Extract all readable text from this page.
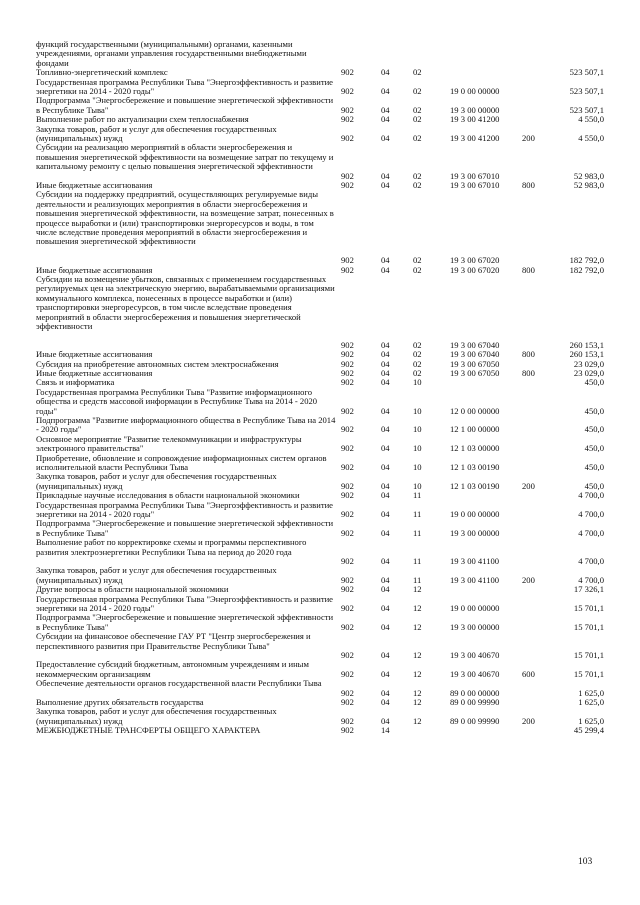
функций государственными (муниципальными) органами, казенными учреждениями, органами управления государственными внебюджетными фондами
Топливно-энергетический комплекс	902	04	02	523 507,1
Государственная программа Республики Тыва "Энергоэффективность и развитие энергетики на 2014 - 2020 годы"	902	04	02	19 0 00 00000	523 507,1
Подпрограмма "Энергосбережение и повышение энергетической эффективности в Республике Тыва"	902	04	02	19 3 00 00000	523 507,1
Выполнение работ по актуализации схем теплоснабжения	902	04	02	19 3 00 41200	4 550,0
Закупка товаров, работ и услуг для обеспечения государственных (муниципальных) нужд	902	04	02	19 3 00 41200	200	4 550,0
Субсидии на реализацию мероприятий в области энергосбережения и повышения энергетической эффективности на возмещение затрат по текущему и капитальному ремонту с целью повышения энергетической эффективности
902	04	02	19 3 00 67010	52 983,0
Иные бюджетные ассигнования	902	04	02	19 3 00 67010	800	52 983,0
Субсидии на поддержку предприятий, осуществляющих регулируемые виды деятельности и реализующих мероприятия в области энергосбережения и повышения энергетической эффективности, на возмещение затрат, понесенных в процессе выработки и (или) транспортировки энергоресурсов и воды, в том числе вследствие проведения мероприятий в области энергосбережения и повышения энергетической эффективности
902	04	02	19 3 00 67020	182 792,0
Иные бюджетные ассигнования	902	04	02	19 3 00 67020	800	182 792,0
Субсидии на возмещение убытков, связанных с применением государственных регулируемых цен на электрическую энергию, вырабатываемыми организациями коммунального комплекса, понесенных в процессе выработки и (или) транспортировки энергоресурсов, в том числе вследствие проведения мероприятий в области энергосбережения и повышения энергетической эффективности
902	04	02	19 3 00 67040	260 153,1
Иные бюджетные ассигнования	902	04	02	19 3 00 67040	800	260 153,1
Субсидия на приобретение автономных систем электроснабжения	902	04	02	19 3 00 67050	23 029,0
Иные бюджетные ассигнования	902	04	02	19 3 00 67050	800	23 029,0
Связь и информатика	902	04	10	450,0
Государственная программа Республики Тыва "Развитие информационного общества и средств массовой информации в Республике Тыва на 2014 - 2020 годы"	902	04	10	12 0 00 00000	450,0
Подпрограмма "Развитие информационного общества в Республике Тыва на 2014 - 2020 годы"	902	04	10	12 1 00 00000	450,0
Основное мероприятие "Развитие телекоммуникации и инфраструктуры электронного правительства"	902	04	10	12 1 03 00000	450,0
Приобретение, обновление и сопровождение информационных систем органов исполнительной власти Республики Тыва	902	04	10	12 1 03 00190	450,0
Закупка товаров, работ и услуг для обеспечения государственных (муниципальных) нужд	902	04	10	12 1 03 00190	200	450,0
Прикладные научные исследования в области национальной экономики	902	04	11	4 700,0
Государственная программа Республики Тыва "Энергоэффективность и развитие энергетики на 2014 - 2020 годы"	902	04	11	19 0 00 00000	4 700,0
Подпрограмма "Энергосбережение и повышение энергетической эффективности в Республике Тыва"	902	04	11	19 3 00 00000	4 700,0
Выполнение работ по корректировке схемы и программы перспективного развития электроэнергетики Республики Тыва на период до 2020 года
902	04	11	19 3 00 41100	4 700,0
Закупка товаров, работ и услуг для обеспечения государственных (муниципальных) нужд	902	04	11	19 3 00 41100	200	4 700,0
Другие вопросы в области национальной экономики	902	04	12	17 326,1
Государственная программа Республики Тыва "Энергоэффективность и развитие энергетики на 2014 - 2020 годы"	902	04	12	19 0 00 00000	15 701,1
Подпрограмма "Энергосбережение и повышение энергетической эффективности в Республике Тыва"	902	04	12	19 3 00 00000	15 701,1
Субсидии на финансовое обеспечение ГАУ РТ "Центр энергосбережения и перспективного развития при Правительстве Республики Тыва"
902	04	12	19 3 00 40670	15 701,1
Предоставление субсидий бюджетным, автономным учреждениям и иным некоммерческим организациям	902	04	12	19 3 00 40670	600	15 701,1
Обеспечение деятельности органов государственной власти Республики Тыва
902	04	12	89 0 00 00000	1 625,0
Выполнение других обязательств государства	902	04	12	89 0 00 99990	1 625,0
Закупка товаров, работ и услуг для обеспечения государственных (муниципальных) нужд	902	04	12	89 0 00 99990	200	1 625,0
МЕЖБЮДЖЕТНЫЕ ТРАНСФЕРТЫ ОБЩЕГО ХАРАКТЕРА	902	14	45 299,4
103
